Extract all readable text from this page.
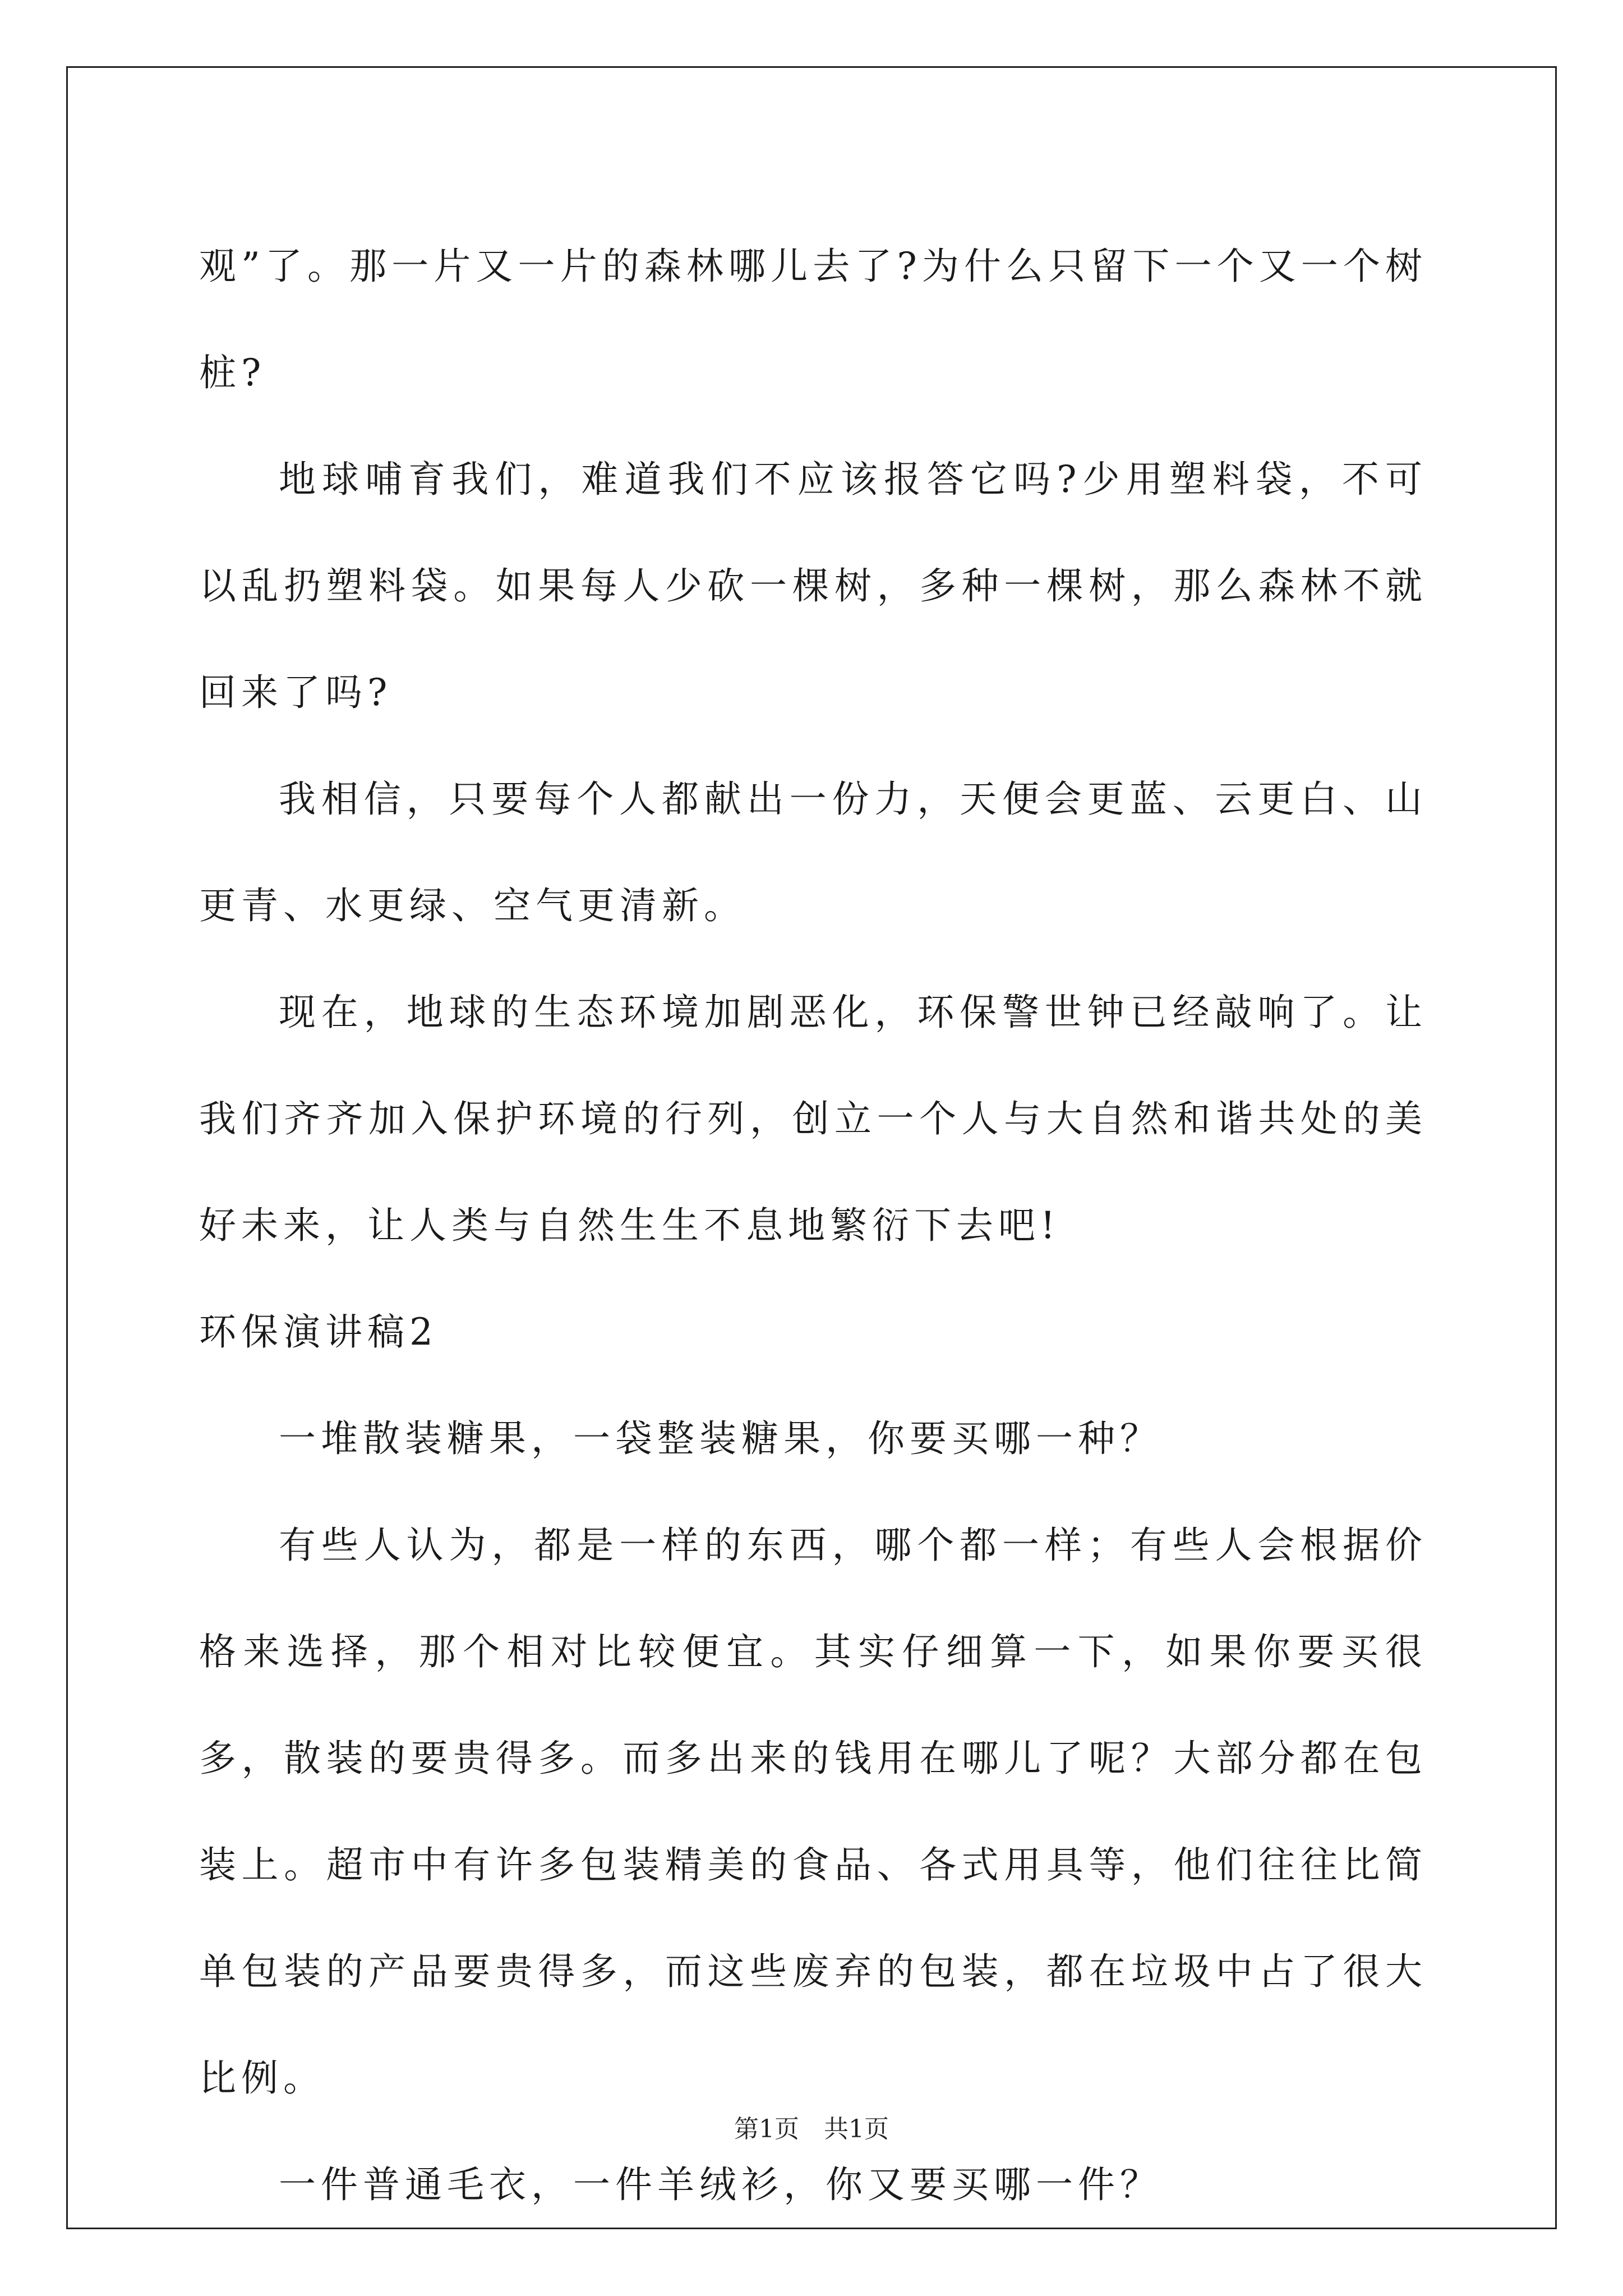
观”了。那一片又一片的森林哪儿去了?为什么只留下一个又一个树桩?

地球哺育我们，难道我们不应该报答它吗?少用塑料袋，不可以乱扔塑料袋。如果每人少砍一棵树，多种一棵树，那么森林不就回来了吗?

我相信，只要每个人都献出一份力，天便会更蓝、云更白、山更青、水更绿、空气更清新。

现在，地球的生态环境加剧恶化，环保警世钟已经敲响了。让我们齐齐加入保护环境的行列，创立一个人与大自然和谐共处的美好未来，让人类与自然生生不息地繁衍下去吧!

环保演讲稿2

一堆散装糖果，一袋整装糖果，你要买哪一种？

有些人认为，都是一样的东西，哪个都一样；有些人会根据价格来选择，那个相对比较便宜。其实仔细算一下，如果你要买很多，散装的要贵得多。而多出来的钱用在哪儿了呢？大部分都在包装上。超市中有许多包装精美的食品、各式用具等，他们往往比简单包装的产品要贵得多，而这些废弃的包装，都在垃圾中占了很大比例。

一件普通毛衣，一件羊绒衫，你又要买哪一件？

第1页　共1页
